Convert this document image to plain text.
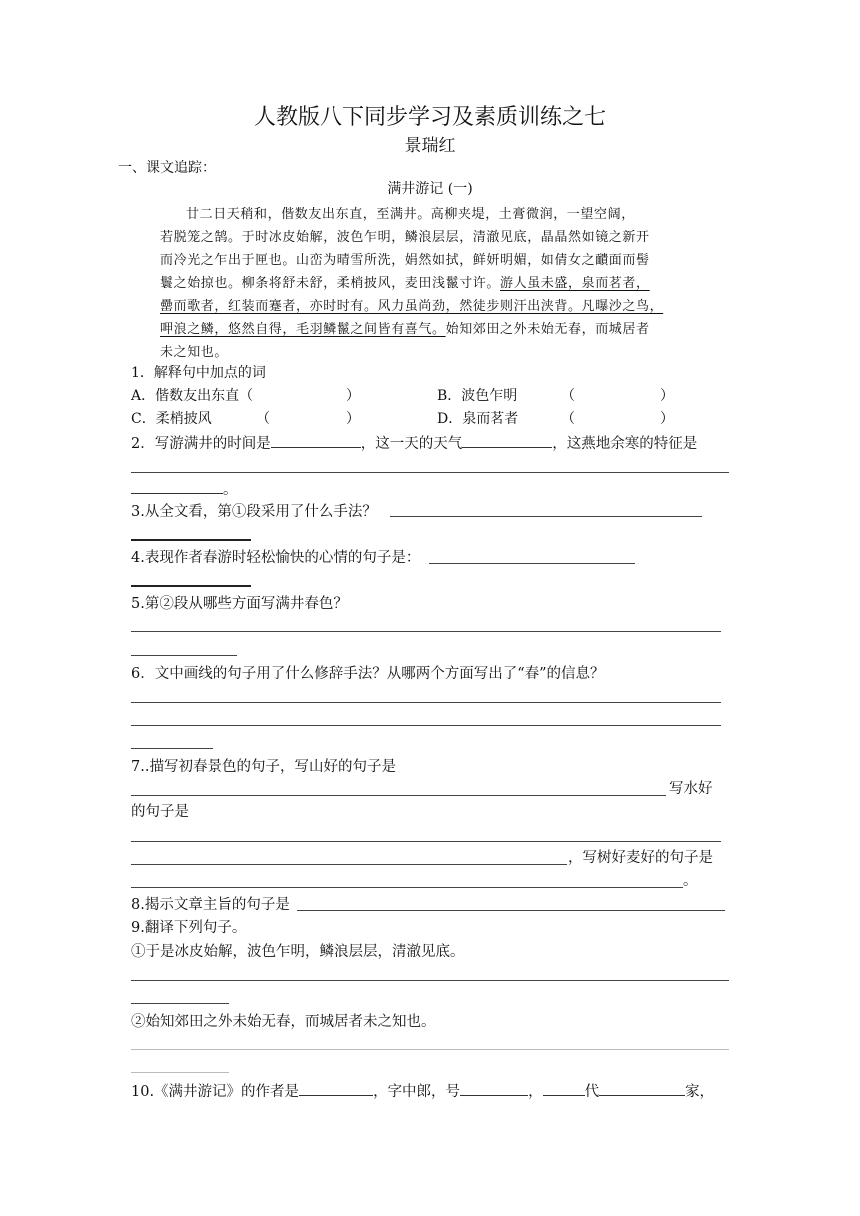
人教版八下同步学习及素质训练之七
景瑞红
一、课文追踪：
满井游记 (一)
廿二日天稍和，偕数友出东直，至满井。高柳夹堤，土膏微润，一望空阔，
若脱笼之鹄。于时冰皮始解，波色乍明，鳞浪层层，清澈见底，晶晶然如镜之新开
而冷光之乍出于匣也。山峦为晴雪所洗，娟然如拭，鲜妍明媚，如倩女之靧面而髻
鬟之始掠也。柳条将舒未舒，柔梢披风，麦田浅鬣寸许。游人虽未盛，泉而茗者，
罍而歌者，红装而蹇者，亦时时有。风力虽尚劲，然徒步则汗出浃背。凡曝沙之鸟，
呷浪之鳞，悠然自得，毛羽鳞鬣之间皆有喜气。始知郊田之外未始无春，而城居者
未之知也。
1．解释句中加点的词
A．偕数友出东直（	）	B．波色乍明	（	）
C．柔梢披风	（	）	D．泉而茗者	（	）
2．写游满井的时间是	，这一天的天气	，这燕地余寒的特征是
。
3.从全文看，第①段采用了什么手法？
4.表现作者春游时轻松愉快的心情的句子是：
5.第②段从哪些方面写满井春色？
6．文中画线的句子用了什么修辞手法？从哪两个方面写出了“春”的信息？
7..描写初春景色的句子，写山好的句子是
写水好
的句子是
，写树好麦好的句子是
。
8.揭示文章主旨的句子是
9.翻译下列句子。
①于是冰皮始解，波色乍明，鳞浪层层，清澈见底。
②始知郊田之外未始无春，而城居者未之知也。
10.《满井游记》的作者是	，字中郎，号	，	代	家，
